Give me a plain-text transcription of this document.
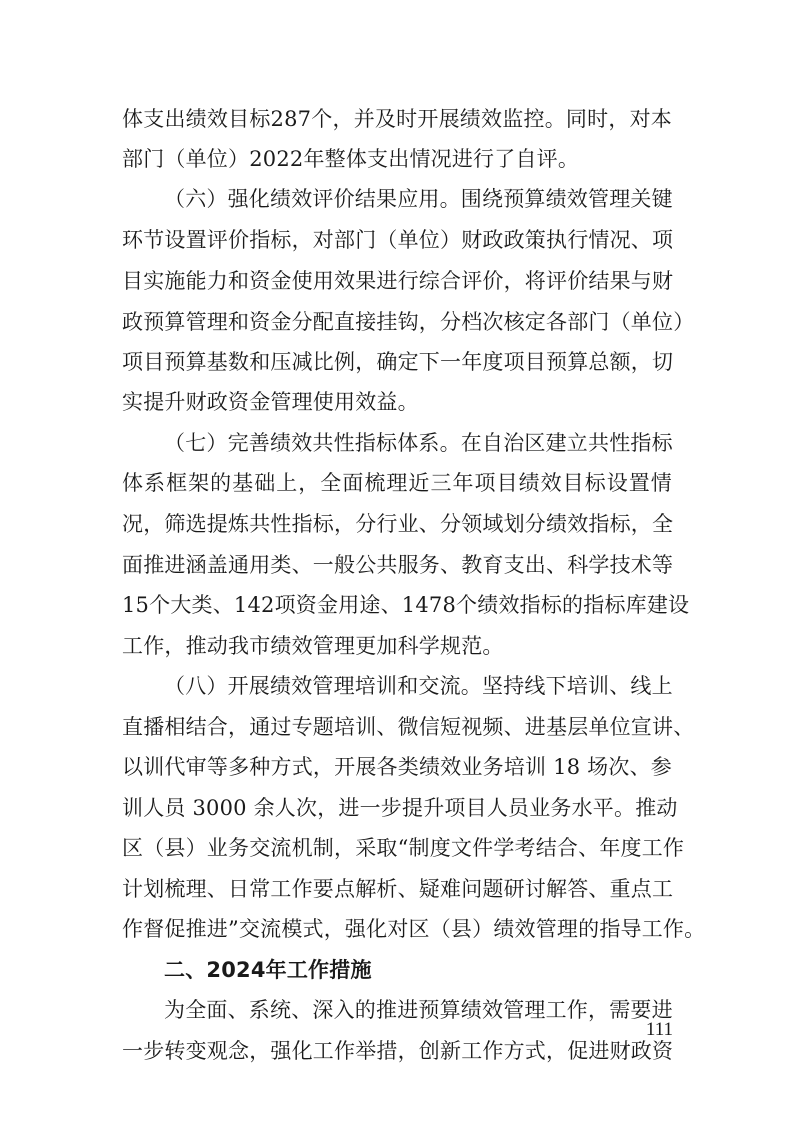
体支出绩效目标287个，并及时开展绩效监控。同时，对本
部门（单位）2022年整体支出情况进行了自评。
（六）强化绩效评价结果应用。围绕预算绩效管理关键
环节设置评价指标，对部门（单位）财政政策执行情况、项
目实施能力和资金使用效果进行综合评价，将评价结果与财
政预算管理和资金分配直接挂钩，分档次核定各部门（单位）
项目预算基数和压减比例，确定下一年度项目预算总额，切
实提升财政资金管理使用效益。
（七）完善绩效共性指标体系。在自治区建立共性指标
体系框架的基础上，全面梳理近三年项目绩效目标设置情
况，筛选提炼共性指标，分行业、分领域划分绩效指标，全
面推进涵盖通用类、一般公共服务、教育支出、科学技术等
15个大类、142项资金用途、1478个绩效指标的指标库建设
工作，推动我市绩效管理更加科学规范。
（八）开展绩效管理培训和交流。坚持线下培训、线上
直播相结合，通过专题培训、微信短视频、进基层单位宣讲、
以训代审等多种方式，开展各类绩效业务培训 18 场次、参
训人员 3000 余人次，进一步提升项目人员业务水平。推动
区（县）业务交流机制，采取“制度文件学考结合、年度工作
计划梳理、日常工作要点解析、疑难问题研讨解答、重点工
作督促推进”交流模式，强化对区（县）绩效管理的指导工作。
二、2024年工作措施
为全面、系统、深入的推进预算绩效管理工作，需要进
一步转变观念，强化工作举措，创新工作方式，促进财政资
111
